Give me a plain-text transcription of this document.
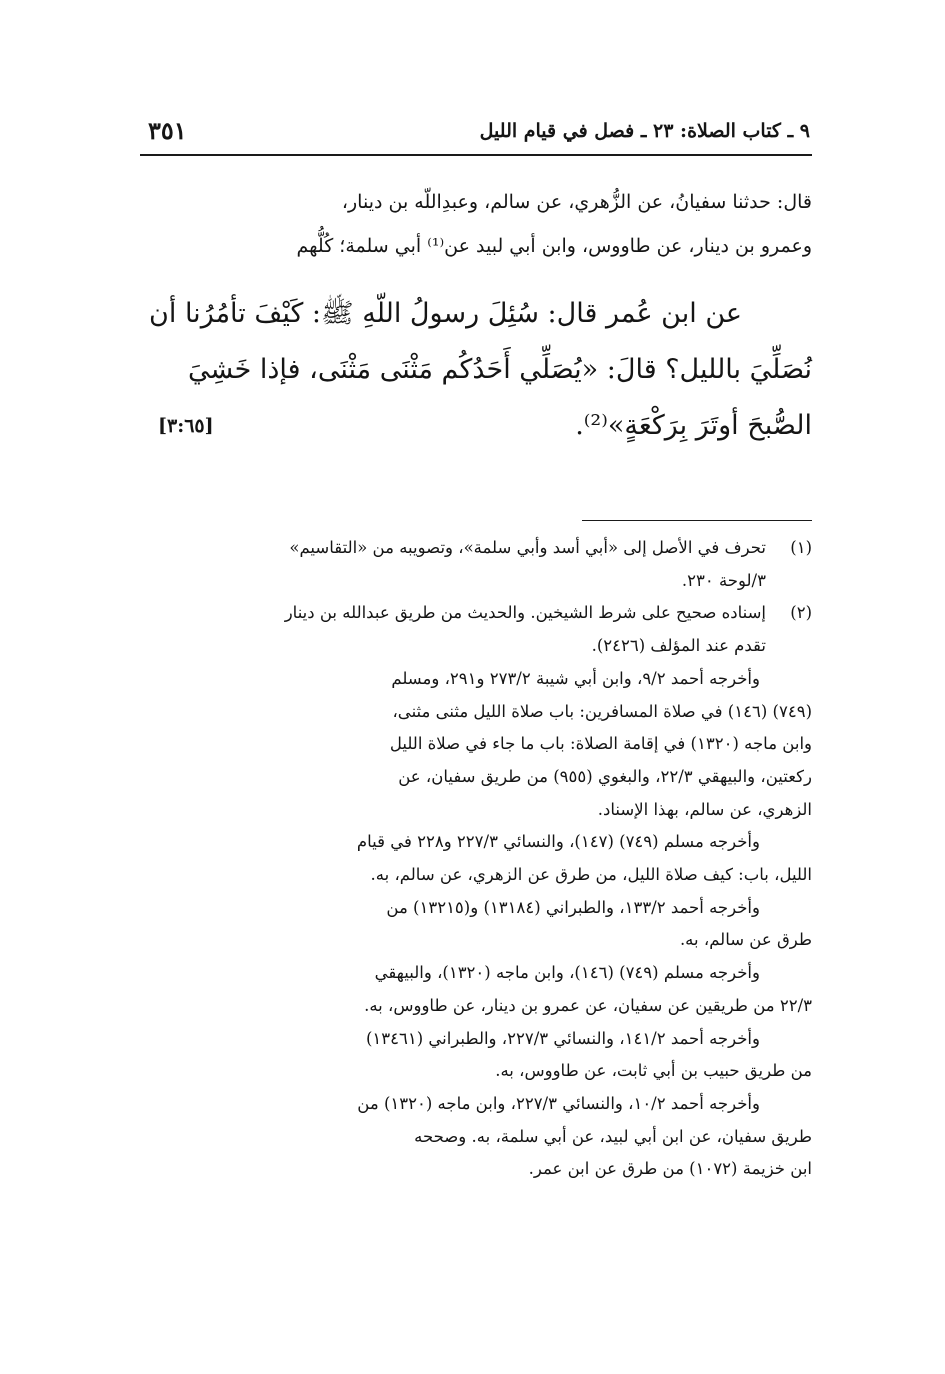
٩ ـ كتاب الصلاة: ٢٣ ـ فصل في قيام الليل
٣٥١

قال: حدثنا سفيانُ، عن الزُّهري، عن سالم، وعبدِاللّه بن دينار،

وعمرو بن دينار، عن طاووس، وابن أبي لبيد عن⁽¹⁾ أبي سلمة؛ كُلُّهم

عن ابن عُمر قال: سُئِلَ رسولُ اللّهِ ﷺ: كَيْفَ تأمُرُنا أن

نُصَلِّيَ بالليل؟ قالَ: «يُصَلِّي أَحَدُكُم مَثْنَى مَثْنَى، فإذا خَشِيَ

الصُّبحَ أوتَرَ بِرَكْعَةٍ»⁽²⁾.
[٣:٦٥]

(١)

تحرف في الأصل إلى «أبي أسد وأبي سلمة»، وتصويبه من «التقاسيم»

٣/لوحة ٢٣٠.

(٢)

إسناده صحيح على شرط الشيخين. والحديث من طريق عبدالله بن دينار

تقدم عند المؤلف (٢٤٢٦).

وأخرجه أحمد ٩/٢، وابن أبي شيبة ٢٧٣/٢ و٢٩١، ومسلم

(٧٤٩) (١٤٦) في صلاة المسافرين: باب صلاة الليل مثنى مثنى،

وابن ماجه (١٣٢٠) في إقامة الصلاة: باب ما جاء في صلاة الليل

ركعتين، والبيهقي ٢٢/٣، والبغوي (٩٥٥) من طريق سفيان، عن

الزهري، عن سالم، بهذا الإسناد.

وأخرجه مسلم (٧٤٩) (١٤٧)، والنسائي ٢٢٧/٣ و٢٢٨ في قيام

الليل، باب: كيف صلاة الليل، من طرق عن الزهري، عن سالم، به.

وأخرجه أحمد ١٣٣/٢، والطبراني (١٣١٨٤) و(١٣٢١٥) من

طرق عن سالم، به.

وأخرجه مسلم (٧٤٩) (١٤٦)، وابن ماجه (١٣٢٠)، والبيهقي

٢٢/٣ من طريقين عن سفيان، عن عمرو بن دينار، عن طاووس، به.

وأخرجه أحمد ١٤١/٢، والنسائي ٢٢٧/٣، والطبراني (١٣٤٦١)

من طريق حبيب بن أبي ثابت، عن طاووس، به.

وأخرجه أحمد ١٠/٢، والنسائي ٢٢٧/٣، وابن ماجه (١٣٢٠) من

طريق سفيان، عن ابن أبي لبيد، عن أبي سلمة، به. وصححه

ابن خزيمة (١٠٧٢) من طرق عن ابن عمر.
